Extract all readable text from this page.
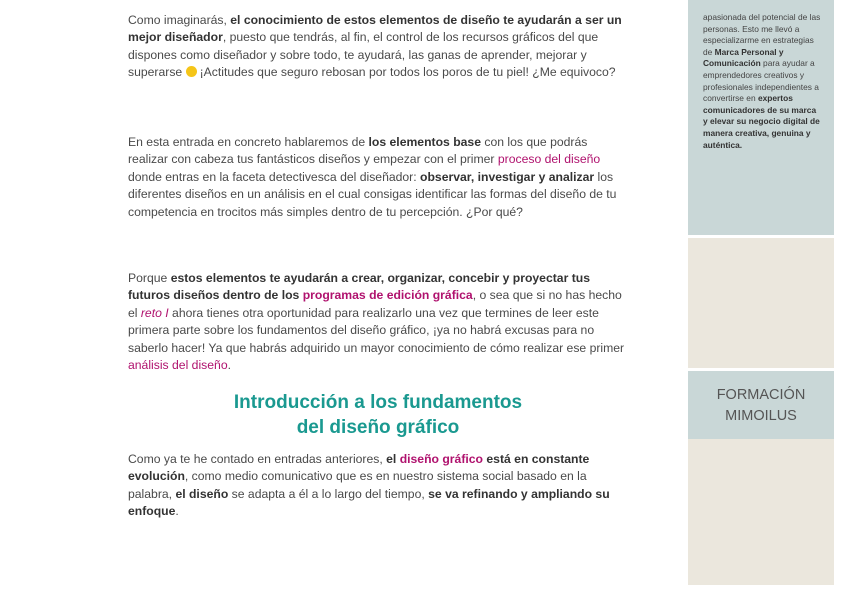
Como imaginarás, el conocimiento de estos elementos de diseño te ayudarán a ser un mejor diseñador, puesto que tendrás, al fin, el control de los recursos gráficos del que dispones como diseñador y sobre todo, te ayudará, las ganas de aprender, mejorar y superarse ¡Actitudes que seguro rebosan por todos los poros de tu piel! ¿Me equivoco?

En esta entrada en concreto hablaremos de los elementos base con los que podrás realizar con cabeza tus fantásticos diseños y empezar con el primer proceso del diseño donde entras en la faceta detectivesca del diseñador: observar, investigar y analizar los diferentes diseños en un análisis en el cual consigas identificar las formas del diseño de tu competencia en trocitos más simples dentro de tu percepción. ¿Por qué?

Porque estos elementos te ayudarán a crear, organizar, concebir y proyectar tus futuros diseños dentro de los programas de edición gráfica, o sea que si no has hecho el reto I ahora tienes otra oportunidad para realizarlo una vez que termines de leer este primera parte sobre los fundamentos del diseño gráfico, ¡ya no habrá excusas para no saberlo hacer! Ya que habrás adquirido un mayor conocimiento de cómo realizar ese primer análisis del diseño.

Introducción a los fundamentos
del diseño gráfico

Como ya te he contado en entradas anteriores, el diseño gráfico está en constante evolución, como medio comunicativo que es en nuestro sistema social basado en la palabra, el diseño se adapta a él a lo largo del tiempo, se va refinando y ampliando su enfoque.

apasionada del potencial de las personas. Esto me llevó a especializarme en estrategias de Marca Personal y Comunicación para ayudar a emprendedores creativos y profesionales independientes a convertirse en expertos comunicadores de su marca y elevar su negocio digital de manera creativa, genuina y auténtica.

FORMACIÓN
MIMOILUS
